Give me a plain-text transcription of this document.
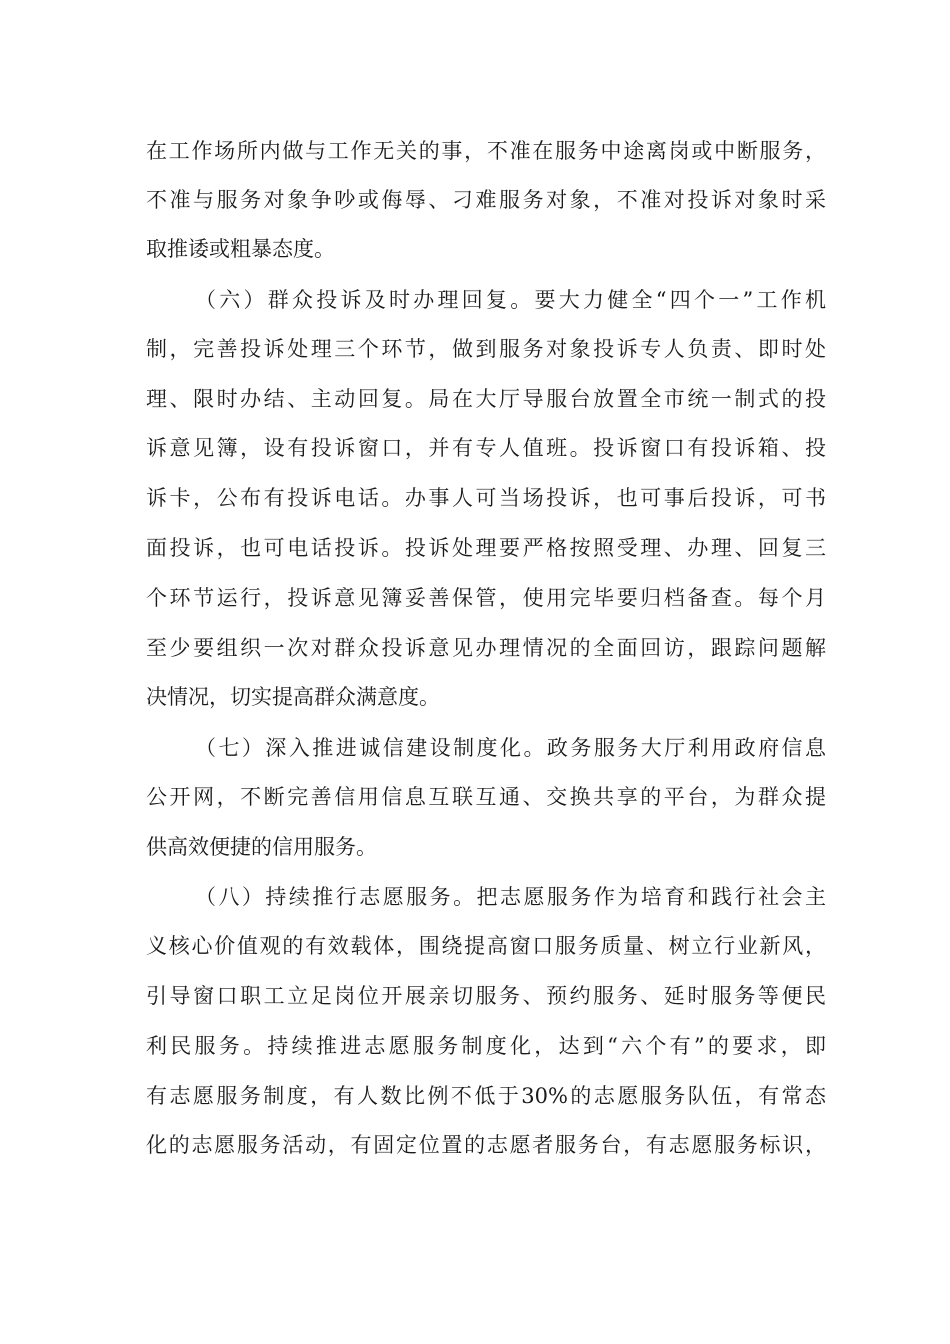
在工作场所内做与工作无关的事，不准在服务中途离岗或中断服务，
不准与服务对象争吵或侮辱、刁难服务对象，不准对投诉对象时采
取推诿或粗暴态度。
（六）群众投诉及时办理回复。要大力健全“四个一”工作机
制，完善投诉处理三个环节，做到服务对象投诉专人负责、即时处
理、限时办结、主动回复。局在大厅导服台放置全市统一制式的投
诉意见簿，设有投诉窗口，并有专人值班。投诉窗口有投诉箱、投
诉卡，公布有投诉电话。办事人可当场投诉，也可事后投诉，可书
面投诉，也可电话投诉。投诉处理要严格按照受理、办理、回复三
个环节运行，投诉意见簿妥善保管，使用完毕要归档备查。每个月
至少要组织一次对群众投诉意见办理情况的全面回访，跟踪问题解
决情况，切实提高群众满意度。
（七）深入推进诚信建设制度化。政务服务大厅利用政府信息
公开网，不断完善信用信息互联互通、交换共享的平台，为群众提
供高效便捷的信用服务。
（八）持续推行志愿服务。把志愿服务作为培育和践行社会主
义核心价值观的有效载体，围绕提高窗口服务质量、树立行业新风，
引导窗口职工立足岗位开展亲切服务、预约服务、延时服务等便民
利民服务。持续推进志愿服务制度化，达到“六个有”的要求，即
有志愿服务制度，有人数比例不低于30%的志愿服务队伍，有常态
化的志愿服务活动，有固定位置的志愿者服务台，有志愿服务标识，
